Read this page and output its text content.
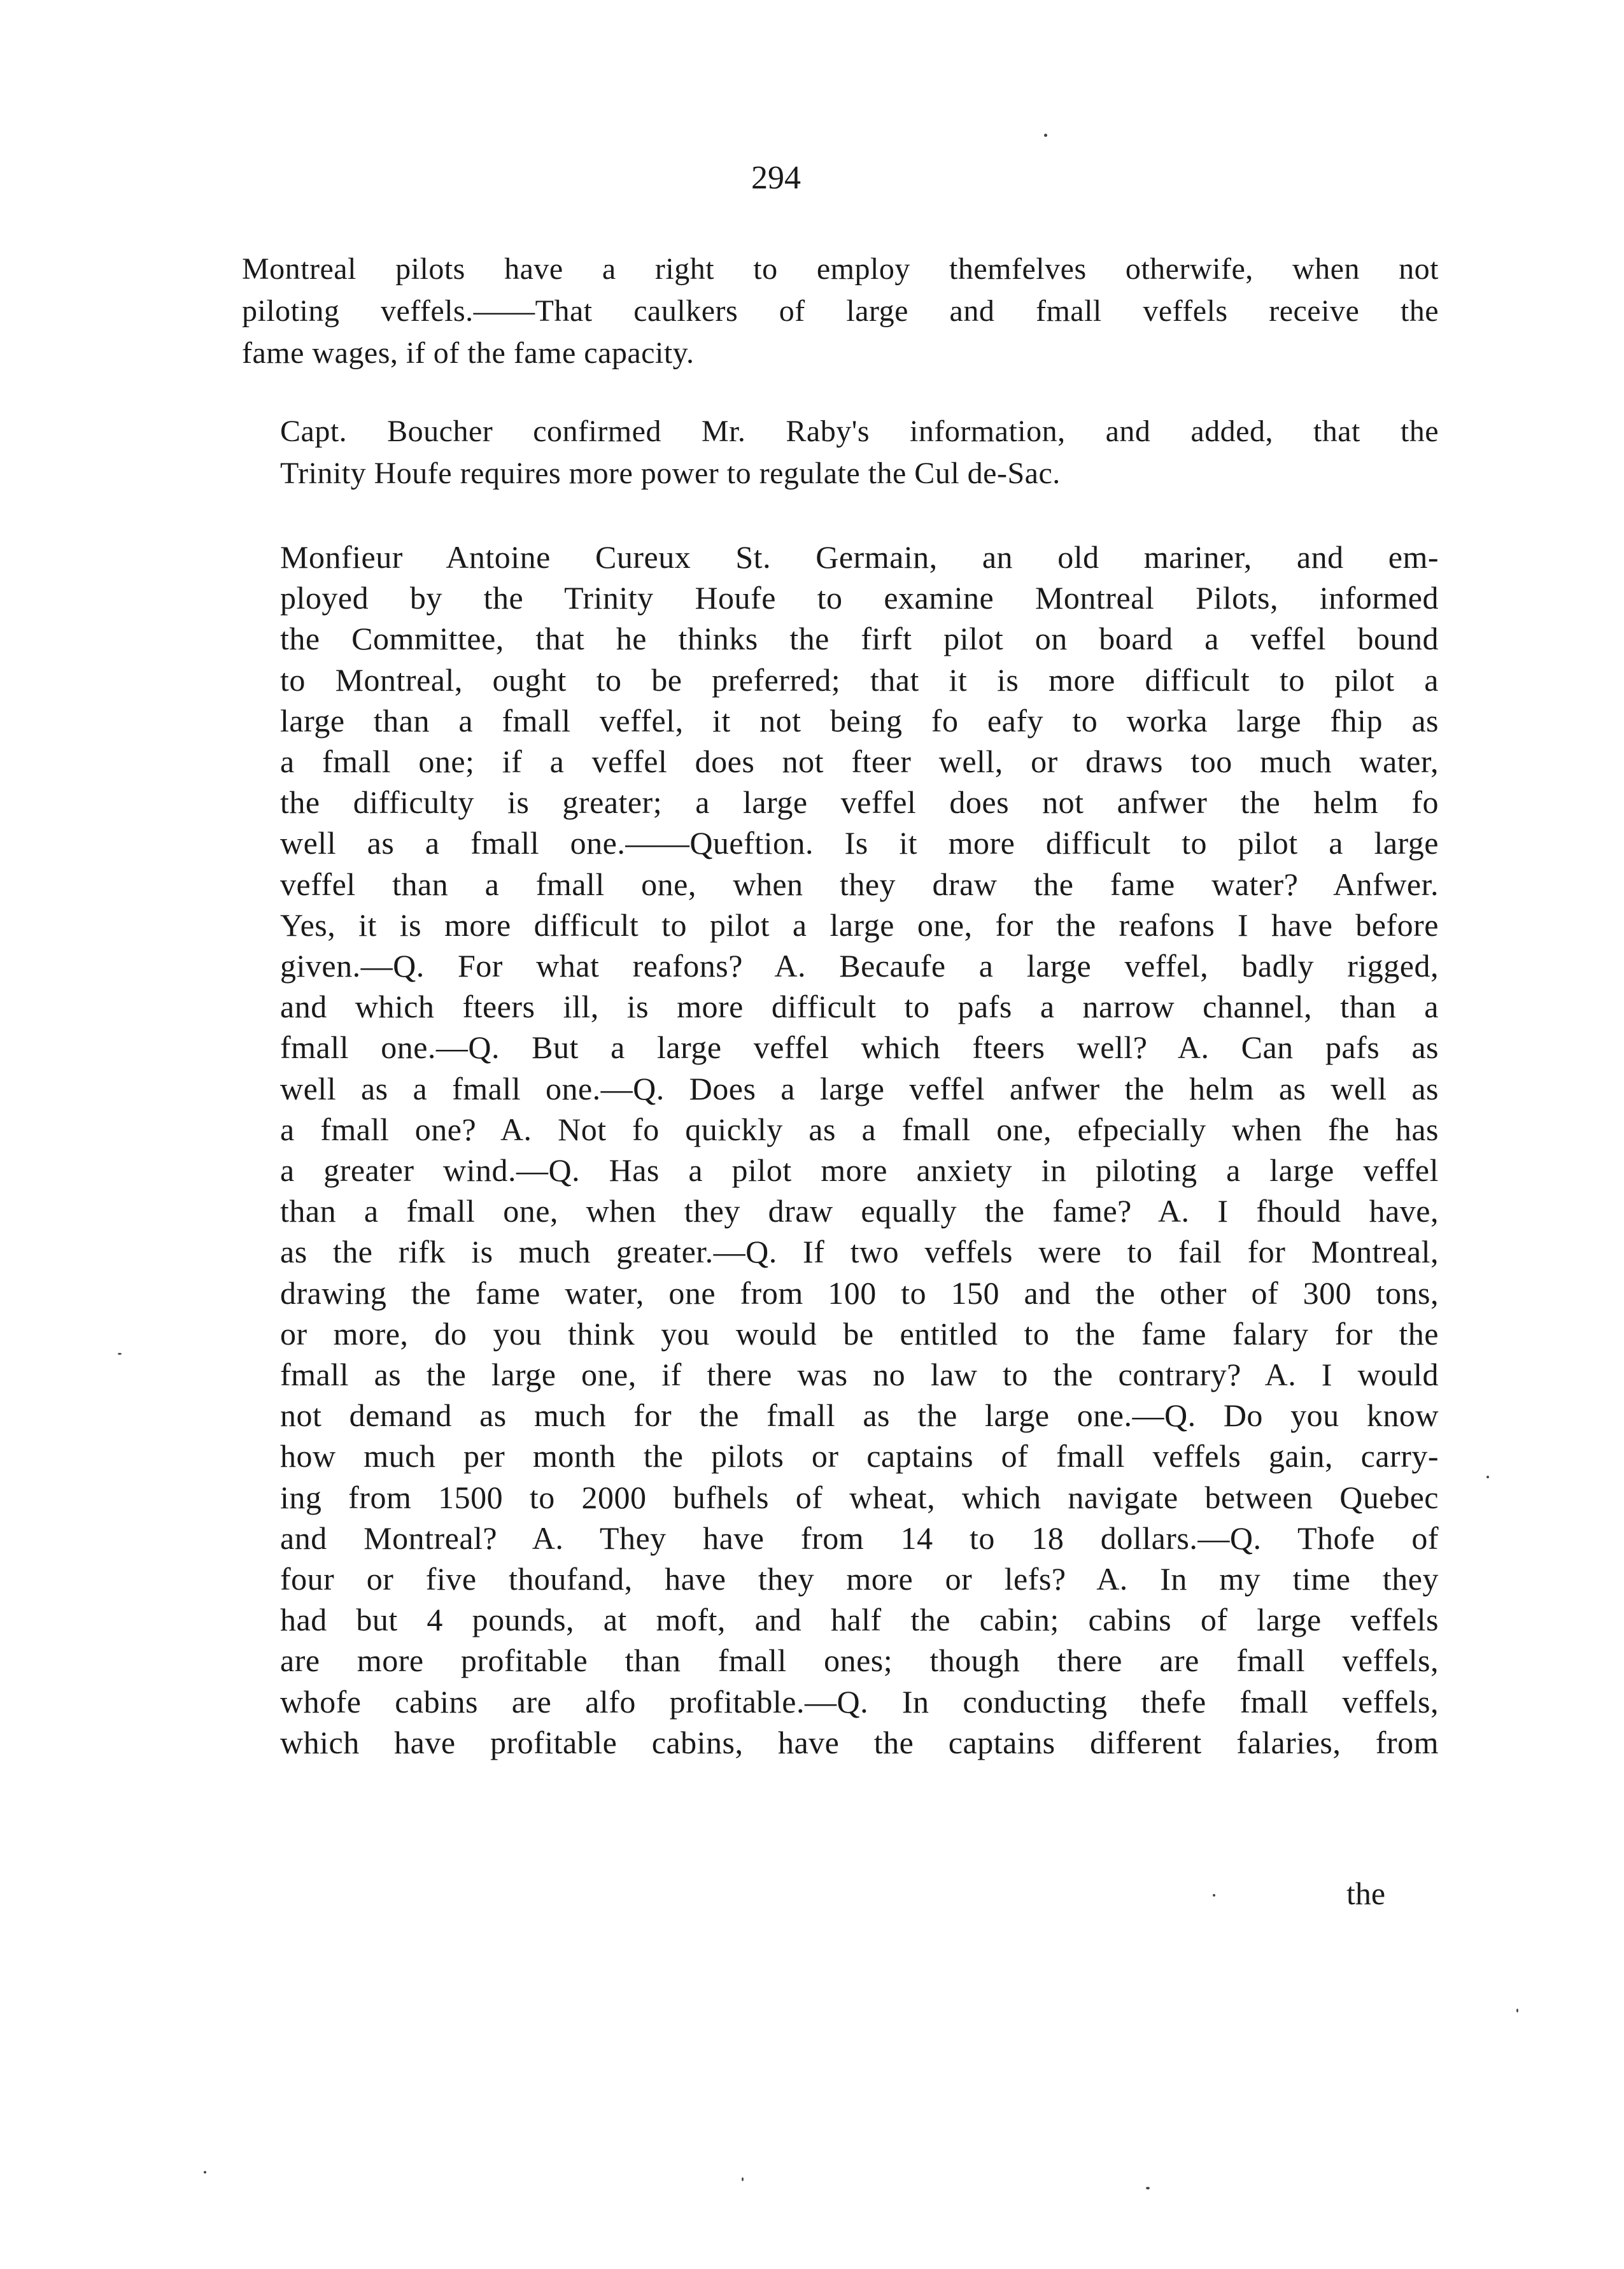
294
Montreal pilots have a right to employ themfelves otherwife, when not
piloting veffels.——That caulkers of large and fmall veffels receive the
fame wages, if of the fame capacity.
Capt. Boucher confirmed Mr. Raby's information, and added, that the
Trinity Houfe requires more power to regulate the Cul de-Sac.
Monfieur Antoine Cureux St. Germain, an old mariner, and em-
ployed by the Trinity Houfe to examine Montreal Pilots, informed
the Committee, that he thinks the firft pilot on board a veffel bound
to Montreal, ought to be preferred; that it is more difficult to pilot a
large than a fmall veffel, it not being fo eafy to worka large fhip as
a fmall one; if a veffel does not fteer well, or draws too much water,
the difficulty is greater; a large veffel does not anfwer the helm fo
well as a fmall one.——Queftion. Is it more difficult to pilot a large
veffel than a fmall one, when they draw the fame water? Anfwer.
Yes, it is more difficult to pilot a large one, for the reafons I have before
given.—Q. For what reafons? A. Becaufe a large veffel, badly rigged,
and which fteers ill, is more difficult to pafs a narrow channel, than a
fmall one.—Q. But a large veffel which fteers well? A. Can pafs as
well as a fmall one.—Q. Does a large veffel anfwer the helm as well as
a fmall one? A. Not fo quickly as a fmall one, efpecially when fhe has
a greater wind.—Q. Has a pilot more anxiety in piloting a large veffel
than a fmall one, when they draw equally the fame? A. I fhould have,
as the rifk is much greater.—Q. If two veffels were to fail for Montreal,
drawing the fame water, one from 100 to 150 and the other of 300 tons,
or more, do you think you would be entitled to the fame falary for the
fmall as the large one, if there was no law to the contrary? A. I would
not demand as much for the fmall as the large one.—Q. Do you know
how much per month the pilots or captains of fmall veffels gain, carry-
ing from 1500 to 2000 bufhels of wheat, which navigate between Quebec
and Montreal? A. They have from 14 to 18 dollars.—Q. Thofe of
four or five thoufand, have they more or lefs? A. In my time they
had but 4 pounds, at moft, and half the cabin; cabins of large veffels
are more profitable than fmall ones; though there are fmall veffels,
whofe cabins are alfo profitable.—Q. In conducting thefe fmall veffels,
which have profitable cabins, have the captains different falaries, from
the
